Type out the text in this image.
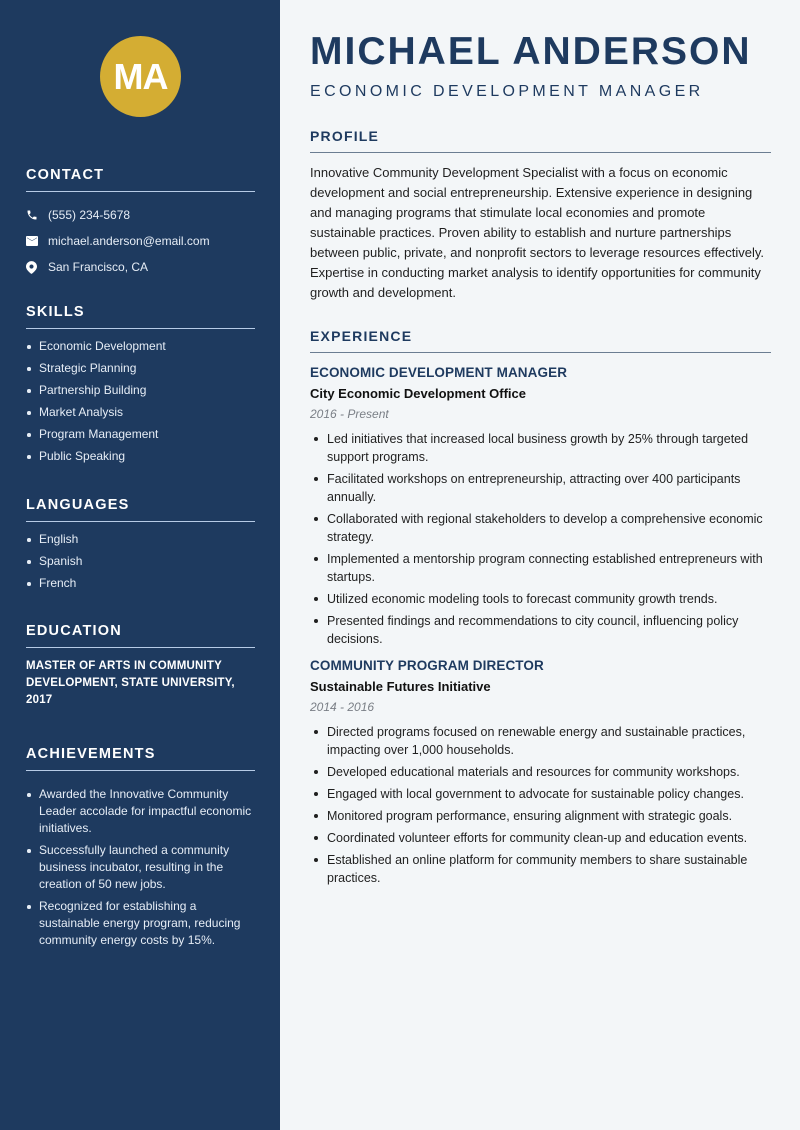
MA
CONTACT
(555) 234-5678
michael.anderson@email.com
San Francisco, CA
SKILLS
Economic Development
Strategic Planning
Partnership Building
Market Analysis
Program Management
Public Speaking
LANGUAGES
English
Spanish
French
EDUCATION

MASTER OF ARTS IN COMMUNITY DEVELOPMENT, STATE UNIVERSITY, 2017

ACHIEVEMENTS
Awarded the Innovative Community Leader accolade for impactful economic initiatives.
Successfully launched a community business incubator, resulting in the creation of 50 new jobs.
Recognized for establishing a sustainable energy program, reducing community energy costs by 15%.
MICHAEL ANDERSON
ECONOMIC DEVELOPMENT MANAGER
PROFILE

Innovative Community Development Specialist with a focus on economic development and social entrepreneurship. Extensive experience in designing and managing programs that stimulate local economies and promote sustainable practices. Proven ability to establish and nurture partnerships between public, private, and nonprofit sectors to leverage resources effectively. Expertise in conducting market analysis to identify opportunities for community growth and development.

EXPERIENCE
ECONOMIC DEVELOPMENT MANAGER
City Economic Development Office
2016 - Present
Led initiatives that increased local business growth by 25% through targeted support programs.
Facilitated workshops on entrepreneurship, attracting over 400 participants annually.
Collaborated with regional stakeholders to develop a comprehensive economic strategy.
Implemented a mentorship program connecting established entrepreneurs with startups.
Utilized economic modeling tools to forecast community growth trends.
Presented findings and recommendations to city council, influencing policy decisions.
COMMUNITY PROGRAM DIRECTOR
Sustainable Futures Initiative
2014 - 2016
Directed programs focused on renewable energy and sustainable practices, impacting over 1,000 households.
Developed educational materials and resources for community workshops.
Engaged with local government to advocate for sustainable policy changes.
Monitored program performance, ensuring alignment with strategic goals.
Coordinated volunteer efforts for community clean-up and education events.
Established an online platform for community members to share sustainable practices.
